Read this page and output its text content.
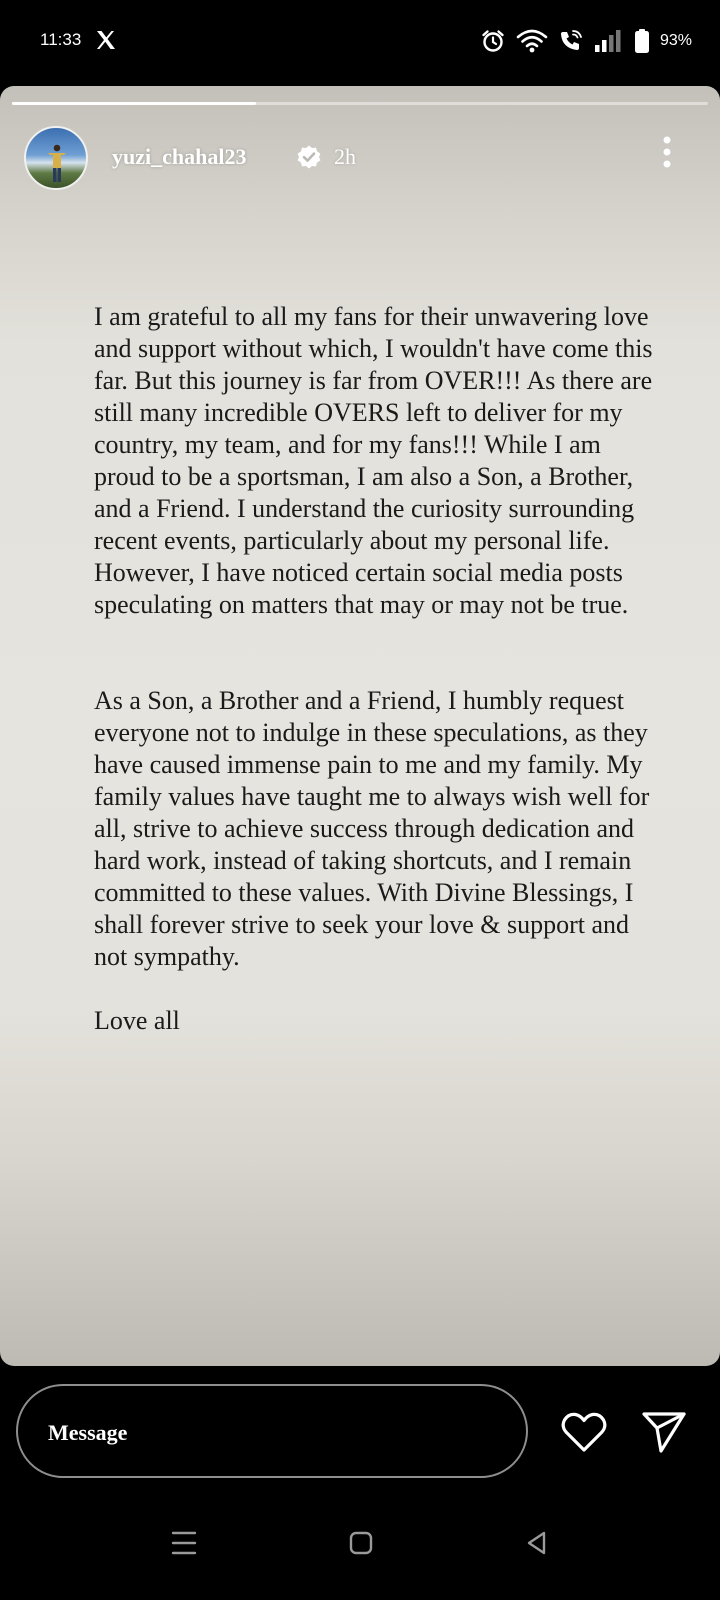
11:33	93%
yuzi_chahal23	2h

I am grateful to all my fans for their unwavering love and support without which, I wouldn't have come this far. But this journey is far from OVER!!! As there are still many incredible OVERS left to deliver for my country, my team, and for my fans!!! While I am proud to be a sportsman, I am also a Son, a Brother, and a Friend. I understand the curiosity surrounding recent events, particularly about my personal life. However, I have noticed certain social media posts speculating on matters that may or may not be true.

As a Son, a Brother and a Friend, I humbly request everyone not to indulge in these speculations, as they have caused immense pain to me and my family. My family values have taught me to always wish well for all, strive to achieve success through dedication and hard work, instead of taking shortcuts, and I remain committed to these values. With Divine Blessings, I shall forever strive to seek your love & support and not sympathy.

Love all

Message
